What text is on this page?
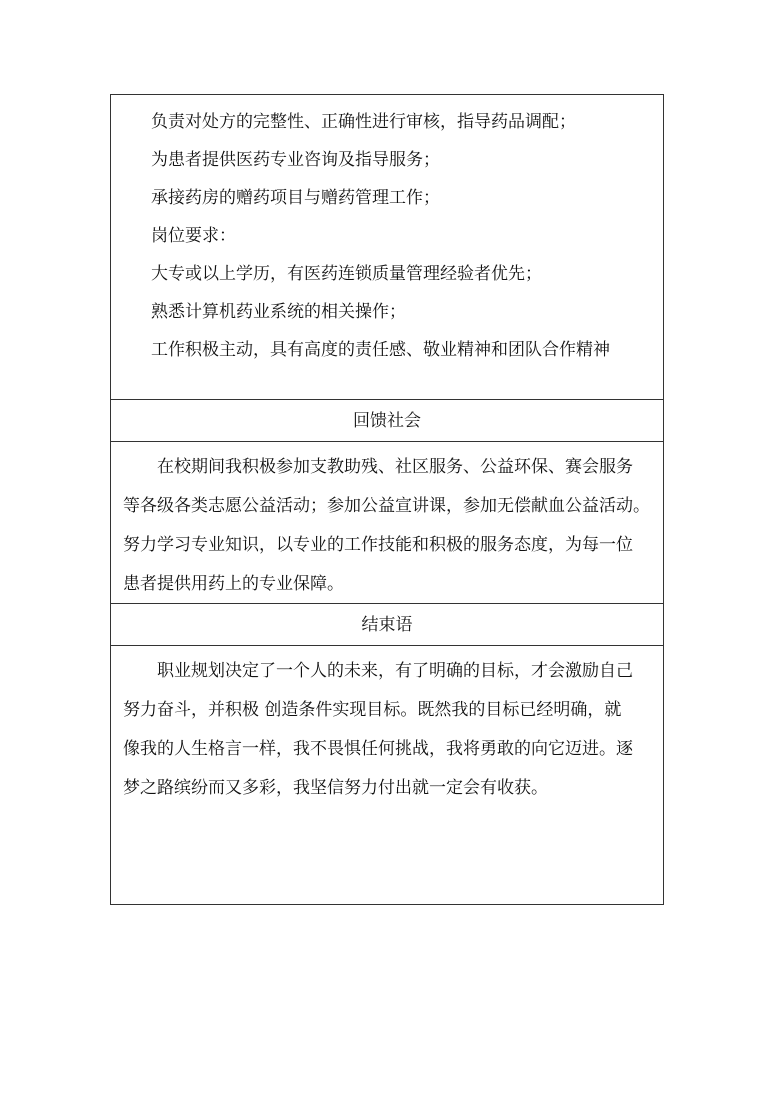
负责对处方的完整性、正确性进行审核，指导药品调配；
为患者提供医药专业咨询及指导服务；
承接药房的赠药项目与赠药管理工作；
岗位要求：
大专或以上学历，有医药连锁质量管理经验者优先；
熟悉计算机药业系统的相关操作；
工作积极主动，具有高度的责任感、敬业精神和团队合作精神
回馈社会
在校期间我积极参加支教助残、社区服务、公益环保、赛会服务
等各级各类志愿公益活动；参加公益宣讲课，参加无偿献血公益活动。
努力学习专业知识，以专业的工作技能和积极的服务态度，为每一位
患者提供用药上的专业保障。
结束语
职业规划决定了一个人的未来，有了明确的目标，才会激励自己
努力奋斗，并积极 创造条件实现目标。既然我的目标已经明确，就
像我的人生格言一样，我不畏惧任何挑战，我将勇敢的向它迈进。逐
梦之路缤纷而又多彩，我坚信努力付出就一定会有收获。
